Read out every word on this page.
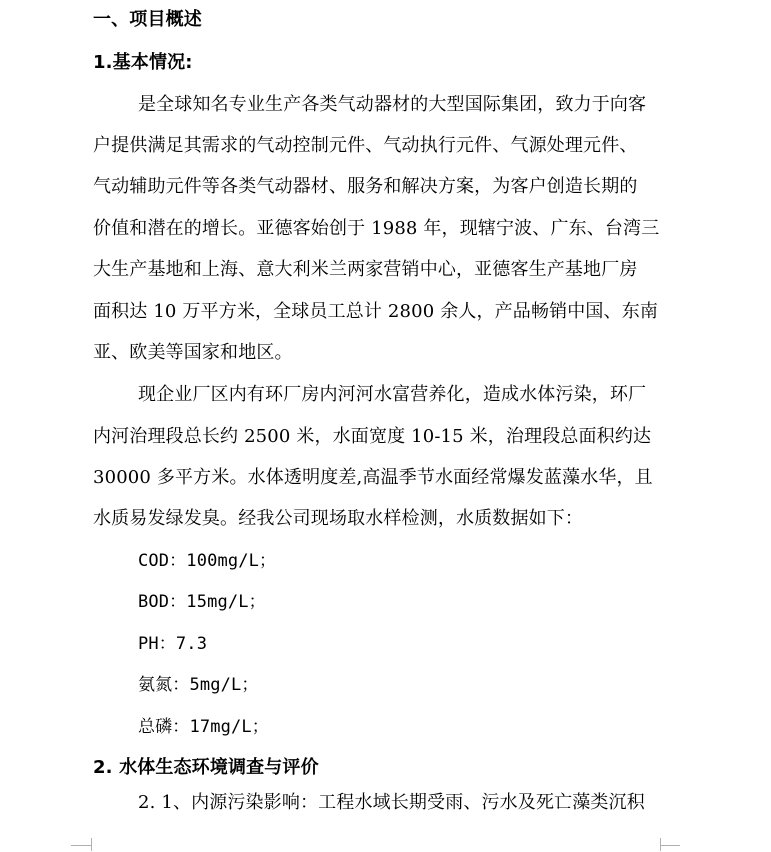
一、项目概述
1.基本情况:
是全球知名专业生产各类气动器材的大型国际集团，致力于向客
户提供满足其需求的气动控制元件、气动执行元件、气源处理元件、
气动辅助元件等各类气动器材、服务和解决方案，为客户创造长期的
价值和潜在的增长。亚德客始创于 1988 年，现辖宁波、广东、台湾三
大生产基地和上海、意大利米兰两家营销中心，亚德客生产基地厂房
面积达 10 万平方米，全球员工总计 2800 余人，产品畅销中国、东南
亚、欧美等国家和地区。
现企业厂区内有环厂房内河河水富营养化，造成水体污染，环厂
内河治理段总长约 2500 米，水面宽度 10-15 米，治理段总面积约达
30000 多平方米。水体透明度差,高温季节水面经常爆发蓝藻水华，且
水质易发绿发臭。经我公司现场取水样检测，水质数据如下：
COD：100mg/L；
BOD：15mg/L；
PH：7.3
氨氮：5mg/L；
总磷：17mg/L；
2. 水体生态环境调查与评价
2. 1、内源污染影响：工程水域长期受雨、污水及死亡藻类沉积
